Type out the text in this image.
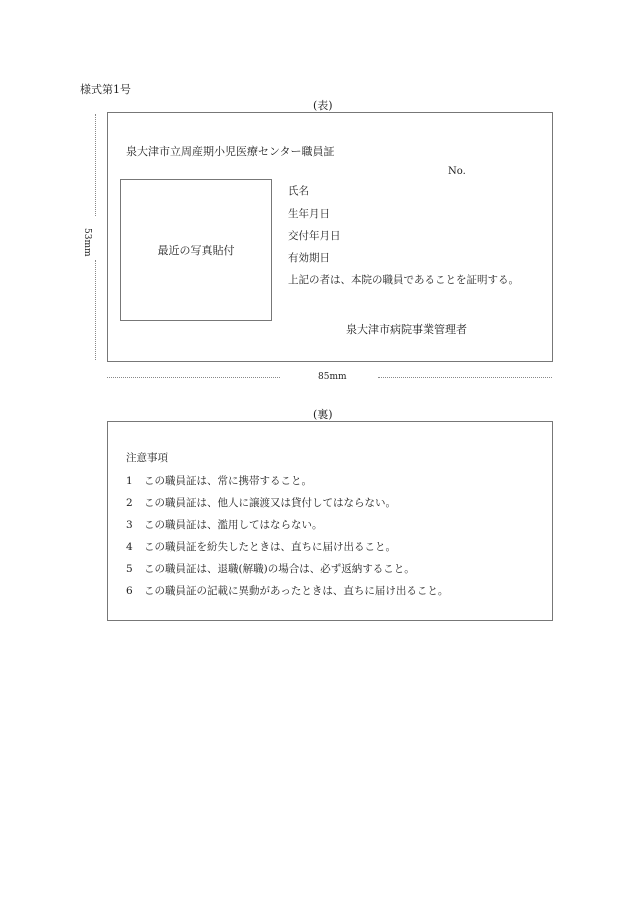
様式第1号
(表)
53mm
泉大津市立周産期小児医療センター職員証
No.
最近の写真貼付
氏名
生年月日
交付年月日
有効期日
上記の者は、本院の職員であることを証明する。
泉大津市病院事業管理者
85mm
(裏)
注意事項
1 この職員証は、常に携帯すること。
2 この職員証は、他人に譲渡又は貸付してはならない。
3 この職員証は、濫用してはならない。
4 この職員証を紛失したときは、直ちに届け出ること。
5 この職員証は、退職(解職)の場合は、必ず返納すること。
6 この職員証の記載に異動があったときは、直ちに届け出ること。
